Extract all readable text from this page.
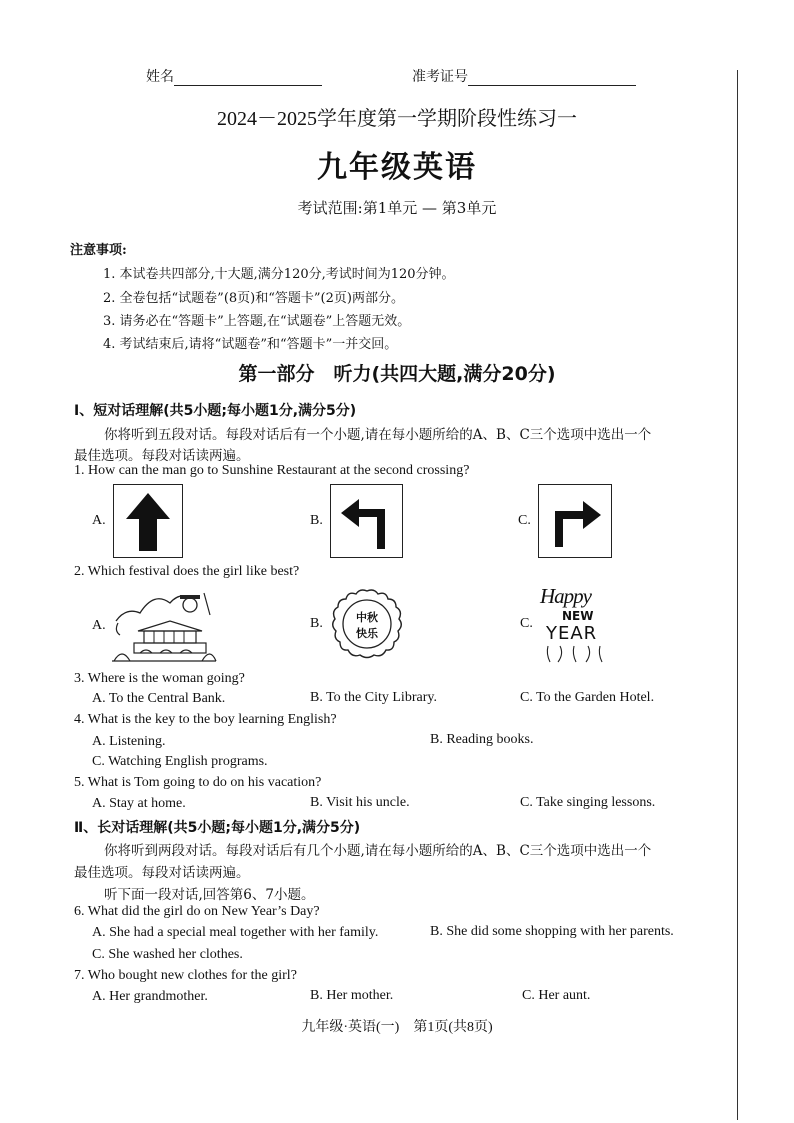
姓名	准考证号
2024－2025学年度第一学期阶段性练习一
九年级英语
考试范围:第1单元 — 第3单元
注意事项:
1. 本试卷共四部分,十大题,满分120分,考试时间为120分钟。
2. 全卷包括“试题卷”(8页)和“答题卡”(2页)两部分。
3. 请务必在“答题卡”上答题,在“试题卷”上答题无效。
4. 考试结束后,请将“试题卷”和“答题卡”一并交回。
第一部分　听力(共四大题,满分20分)
Ⅰ、短对话理解(共5小题;每小题1分,满分5分)
你将听到五段对话。每段对话后有一个小题,请在每小题所给的A、B、C三个选项中选出一个
最佳选项。每段对话读两遍。
1. How can the man go to Sunshine Restaurant at the second crossing?
A.	B.	C.
2. Which festival does the girl like best?
A.	B.	中秋
快乐
C.
Happy
NEW
YEAR
3. Where is the woman going?
A. To the Central Bank.	B. To the City Library.	C. To the Garden Hotel.
4. What is the key to the boy learning English?
A. Listening.	B. Reading books.
C. Watching English programs.
5. What is Tom going to do on his vacation?
A. Stay at home.	B. Visit his uncle.	C. Take singing lessons.
Ⅱ、长对话理解(共5小题;每小题1分,满分5分)
你将听到两段对话。每段对话后有几个小题,请在每小题所给的A、B、C三个选项中选出一个
最佳选项。每段对话读两遍。
听下面一段对话,回答第6、7小题。
6. What did the girl do on New Year’s Day?
A. She had a special meal together with her family.	B. She did some shopping with her parents.
C. She washed her clothes.
7. Who bought new clothes for the girl?
A. Her grandmother.	B. Her mother.	C. Her aunt.
九年级·英语(一)　第1页(共8页)
